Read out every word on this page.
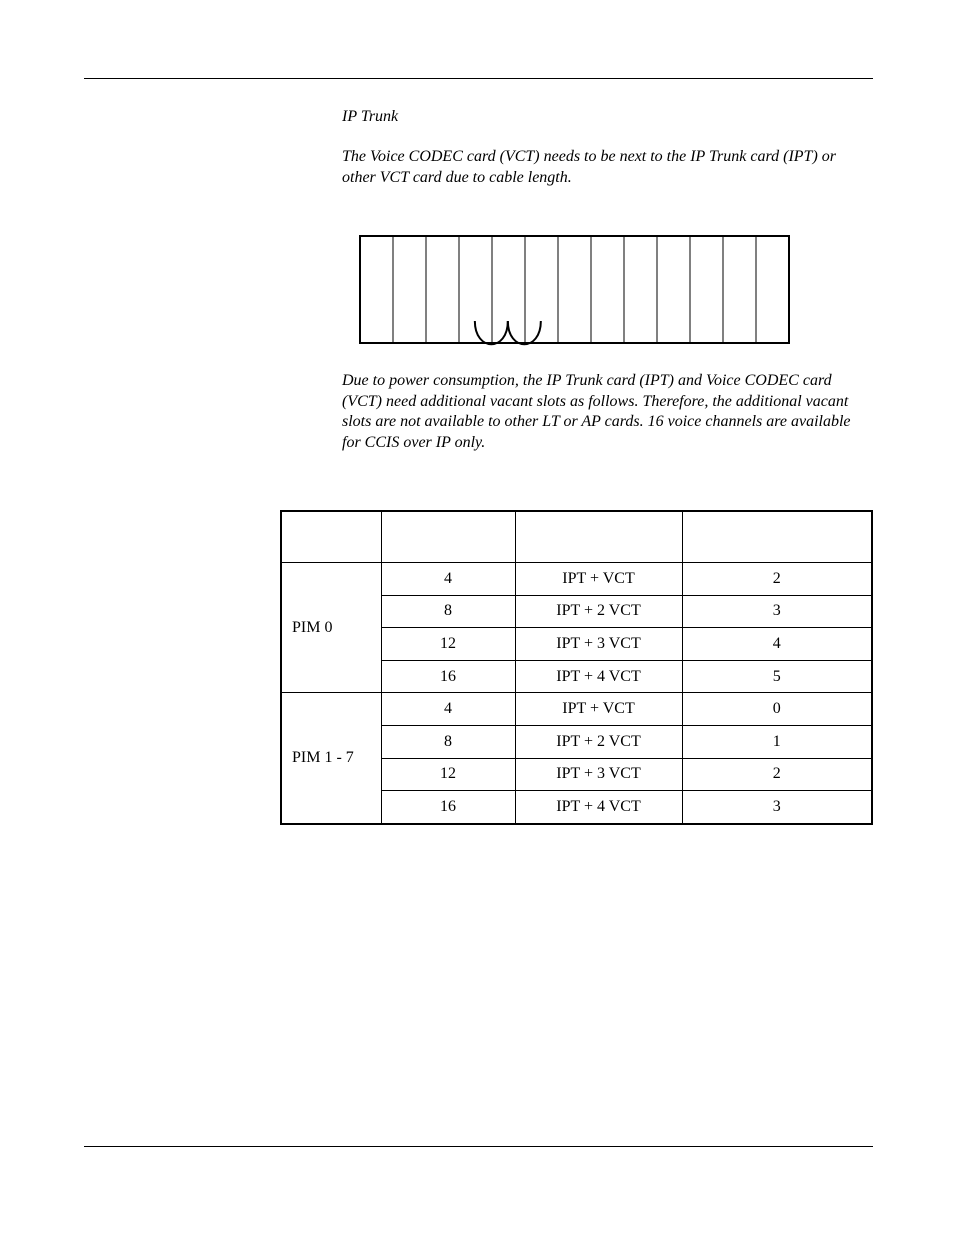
IP Trunk

The Voice CODEC card (VCT) needs to be next to the IP Trunk card (IPT) or other VCT card due to cable length.

Due to power consumption, the IP Trunk card (IPT) and Voice CODEC card (VCT) need additional vacant slots as follows. Therefore, the additional vacant slots are not available to other LT or AP cards. 16 voice channels are available for CCIS over IP only.

PIM 0	4	IPT + VCT	2
	8	IPT + 2 VCT	3
	12	IPT + 3 VCT	4
	16	IPT + 4 VCT	5
PIM 1 - 7	4	IPT + VCT	0
	8	IPT + 2 VCT	1
	12	IPT + 3 VCT	2
	16	IPT + 4 VCT	3
